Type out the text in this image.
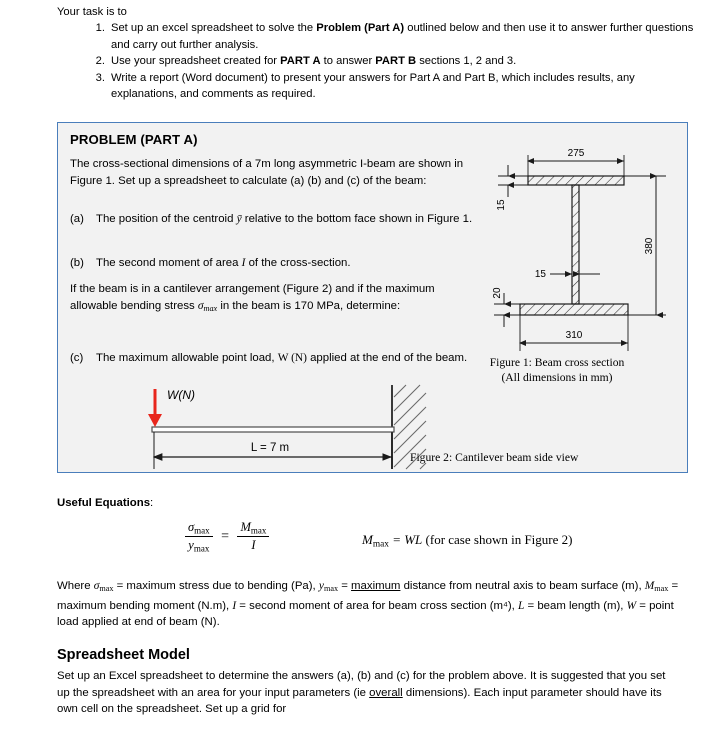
Your task is to
1. Set up an excel spreadsheet to solve the Problem (Part A) outlined below and then use it to answer further questions and carry out further analysis.
2. Use your spreadsheet created for PART A to answer PART B sections 1, 2 and 3.
3. Write a report (Word document) to present your answers for Part A and Part B, which includes results, any explanations, and comments as required.
PROBLEM (PART A)
The cross-sectional dimensions of a 7m long asymmetric I-beam are shown in Figure 1. Set up a spreadsheet to calculate (a) (b) and (c) of the beam:
(a)	The position of the centroid ȳ relative to the bottom face shown in Figure 1.
(b)	The second moment of area I of the cross-section.
If the beam is in a cantilever arrangement (Figure 2) and if the maximum allowable bending stress $\sigma_{max}$ in the beam is 170 MPa, determine:
(c)	The maximum allowable point load, W (N) applied at the end of the beam.
275
15
380
15
20
310
Figure 1: Beam cross section
(All dimensions in mm)
W(N)
L = 7 m
Figure 2: Cantilever beam side view
Useful Equations:
$\frac{\sigma\max}{ymax} = \frac{Mmax}{I}$	Mmax = WL (for case shown in Figure 2)
Where σmax = maximum stress due to bending (Pa), ymax = maximum distance from neutral axis to beam surface (m), Mmax = maximum bending moment (N.m), I = second moment of area for beam cross section (m⁴), L = beam length (m), W = point load applied at end of beam (N).
Spreadsheet Model
Set up an Excel spreadsheet to determine the answers (a), (b) and (c) for the problem above. It is suggested that you set up the spreadsheet with an area for your input parameters (ie overall dimensions). Each input parameter should have its own cell on the spreadsheet. Set up a grid for
